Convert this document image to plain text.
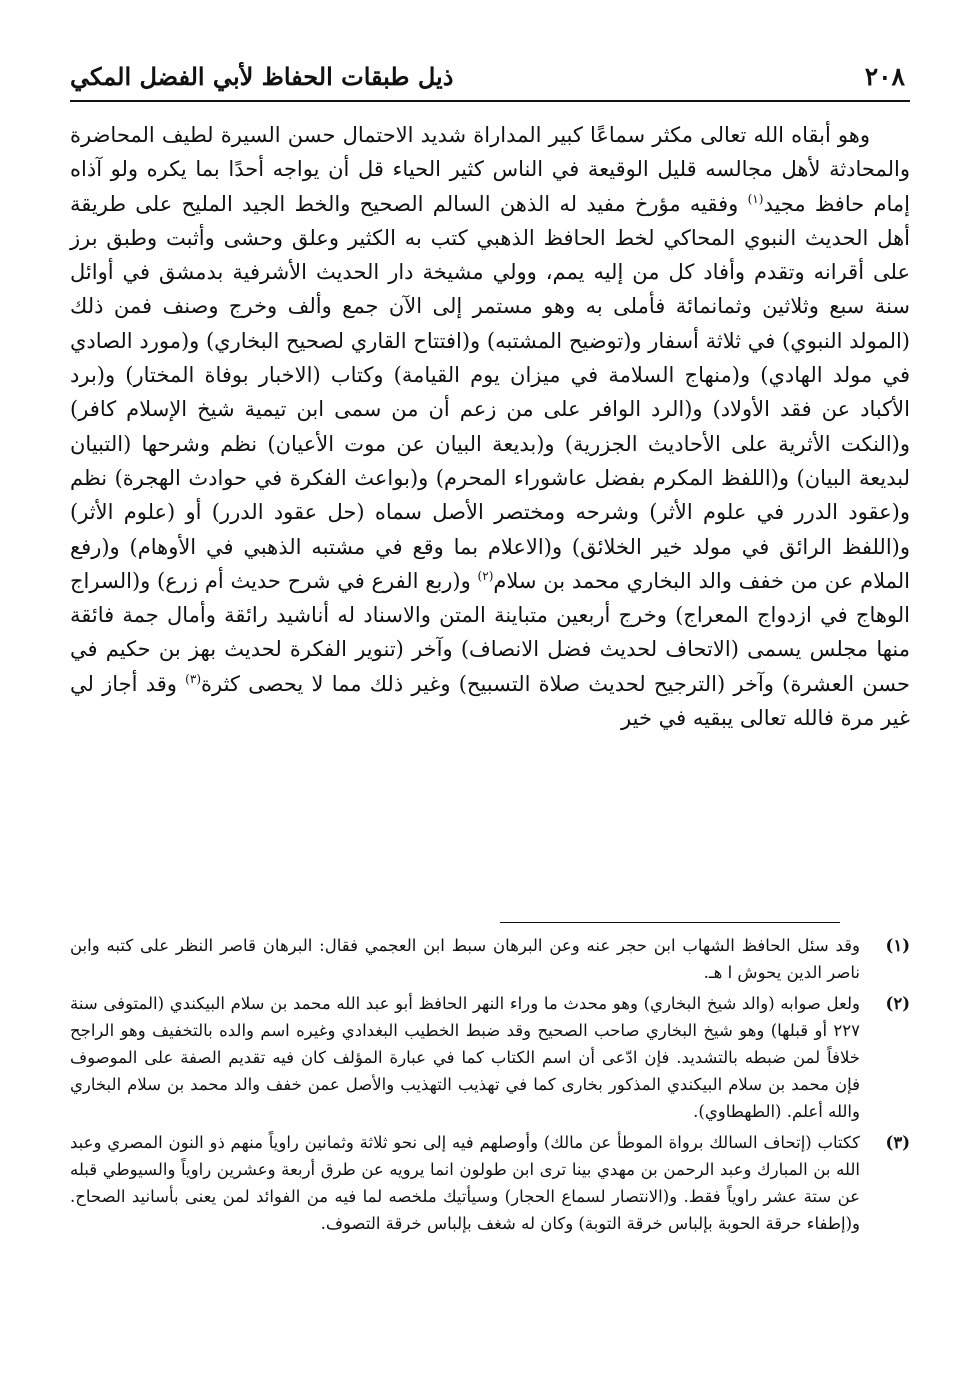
٢٠٨
ذيل طبقات الحفاظ لأبي الفضل المكي

وهو أبقاه الله تعالى مكثر سماعًا كبير المداراة شديد الاحتمال حسن السيرة لطيف المحاضرة والمحادثة لأهل مجالسه قليل الوقيعة في الناس كثير الحياء قل أن يواجه أحدًا بما يكره ولو آذاه إمام حافظ مجيد$^{(١)}$ وفقيه مؤرخ مفيد له الذهن السالم الصحيح والخط الجيد المليح على طريقة أهل الحديث النبوي المحاكي لخط الحافظ الذهبي كتب به الكثير وعلق وحشى وأثبت وطبق برز على أقرانه وتقدم وأفاد كل من إليه يمم، وولي مشيخة دار الحديث الأشرفية بدمشق في أوائل سنة سبع وثلاثين وثمانمائة فأملى به وهو مستمر إلى الآن جمع وألف وخرج وصنف فمن ذلك (المولد النبوي) في ثلاثة أسفار و(توضيح المشتبه) و(افتتاح القاري لصحيح البخاري) و(مورد الصادي في مولد الهادي) و(منهاج السلامة في ميزان يوم القيامة) وكتاب (الاخبار بوفاة المختار) و(برد الأكباد عن فقد الأولاد) و(الرد الوافر على من زعم أن من سمى ابن تيمية شيخ الإسلام كافر) و(النكت الأثرية على الأحاديث الجزرية) و(بديعة البيان عن موت الأعيان) نظم وشرحها (التبيان لبديعة البيان) و(اللفظ المكرم بفضل عاشوراء المحرم) و(بواعث الفكرة في حوادث الهجرة) نظم و(عقود الدرر في علوم الأثر) وشرحه ومختصر الأصل سماه (حل عقود الدرر) أو (علوم الأثر) و(اللفظ الرائق في مولد خير الخلائق) و(الاعلام بما وقع في مشتبه الذهبي في الأوهام) و(رفع الملام عن من خفف والد البخاري محمد بن سلام$^{(٢)}$ و(ربع الفرع في شرح حديث أم زرع) و(السراج الوهاج في ازدواج المعراج) وخرج أربعين متباينة المتن والاسناد له أناشيد رائقة وأمال جمة فائقة منها مجلس يسمى (الاتحاف لحديث فضل الانصاف) وآخر (تنوير الفكرة لحديث بهز بن حكيم في حسن العشرة) وآخر (الترجيح لحديث صلاة التسبيح) وغير ذلك مما لا يحصى كثرة$^{(٣)}$ وقد أجاز لي غير مرة فالله تعالى يبقيه في خير

(١)
وقد سئل الحافظ الشهاب ابن حجر عنه وعن البرهان سبط ابن العجمي فقال: البرهان قاصر النظر على كتبه وابن ناصر الدين يحوش ا هـ.
(٢)
ولعل صوابه (والد شيخ البخاري) وهو محدث ما وراء النهر الحافظ أبو عبد الله محمد بن سلام البيكندي (المتوفى سنة ٢٢٧ أو قبلها) وهو شيخ البخاري صاحب الصحيح وقد ضبط الخطيب البغدادي وغيره اسم والده بالتخفيف وهو الراجح خلافاً لمن ضبطه بالتشديد. فإن ادّعى أن اسم الكتاب كما في عبارة المؤلف كان فيه تقديم الصفة على الموصوف فإن محمد بن سلام البيكندي المذكور بخارى كما في تهذيب التهذيب والأصل عمن خفف والد محمد بن سلام البخاري والله أعلم. (الطهطاوي).
(٣)
ككتاب (إتحاف السالك برواة الموطأ عن مالك) وأوصلهم فيه إلى نحو ثلاثة وثمانين راوياً منهم ذو النون المصري وعبد الله بن المبارك وعبد الرحمن بن مهدي بينا ترى ابن طولون انما يرويه عن طرق أربعة وعشرين راوياً والسيوطي قبله عن ستة عشر راوياً فقط. و(الانتصار لسماع الحجار) وسيأتيك ملخصه لما فيه من الفوائد لمن يعنى بأسانيد الصحاح. و(إطفاء حرقة الحوبة بإلباس خرقة التوبة) وكان له شغف بإلباس خرقة التصوف.
